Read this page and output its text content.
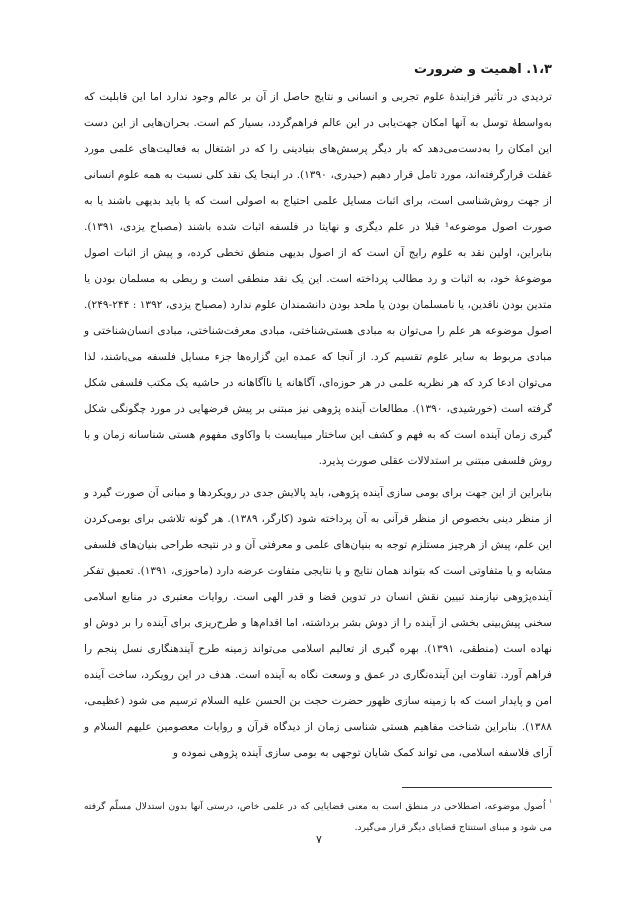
۱،۳. اهمیت و ضرورت

تردیدی در تأثیر فزایندهٔ علوم تجربی و انسانی و نتایج حاصل از آن بر عالم وجود ندارد اما این قابلیت که به‌واسطهٔ توسل به آنها امکان جهت‌یابی در این عالم فراهم‌گردد، بسیار کم است. بحران‌هایی از این دست این امکان را به‌دست‌می‌دهد که بار دیگر پرسش‌های بنیادینی را که در اشتغال به فعالیت‌های علمی مورد غفلت قرارگرفته‌اند، مورد تامل قرار دهیم (حیدری، ۱۳۹۰). در اینجا یک نقد کلی نسبت به همه علوم انسانی از جهت روش‌شناسی است، برای اثبات مسایل علمی احتیاج به اصولی است که یا باید بدیهی باشند یا به صورت اصول موضوعه¹ قبلا در علم دیگری و نهایتا در فلسفه اثبات شده باشند (مصباح یزدی، ۱۳۹۱). بنابراین، اولین نقد به علوم رایج آن است که از اصول بدیهی منطق تخطی کرده، و پیش از اثبات اصول موضوعهٔ خود، به اثبات و رد مطالب پرداخته است. این یک نقد منطقی است و ربطی به مسلمان بودن یا متدین بودن ناقدین، یا نامسلمان بودن یا ملحد بودن دانشمندان علوم ندارد (مصباح یزدی، ۱۳۹۲ : ۲۴۴-۲۴۹). اصول موضوعه هر علم را می‌توان به مبادی هستی‌شناختی، مبادی معرفت‌شناختی، مبادی انسان‌شناختی و مبادی مربوط به سایر علوم تقسیم کرد. از آنجا که عمده این گزاره‌ها جزء مسایل فلسفه می‌باشند، لذا می‌توان ادعا کرد که هر نظریه علمی در هر حوزه‌ای، آگاهانه یا ناآگاهانه در حاشیه یک مکتب فلسفی شکل گرفته است (خورشیدی، ۱۳۹۰). مطالعات آینده پژوهی نیز مبتنی بر پیش فرضهایی در مورد چگونگی شکل گیری زمان آینده است که به فهم و کشف این ساختار میبایست با واکاوی مفهوم هستی شناسانه زمان و با روش فلسفی مبتنی بر استدلالات عقلی صورت پذیرد.

بنابراین از این جهت برای بومی سازی آینده پژوهی، باید پالایش جدی در رویکردها و مبانی آن صورت گیرد و از منظر دینی بخصوص از منظر قرآنی به آن پرداخته شود (کارگر، ۱۳۸۹). هر گونه تلاشی برای بومی‌کردن این علم، پیش از هرچیز مستلزم توجه به بنیان‌های علمی و معرفتی آن و در نتیجه طراحی بنیان‌های فلسفی مشابه و یا متفاوتی است که بتواند همان نتایج و یا نتایجی متفاوت عرضه دارد (ماحوزی، ۱۳۹۱). تعمیق تفکر آینده‌پژوهی نیازمند تبیین نقش انسان در تدوین قضا و قدر الهی است. روایات معتبری در منابع اسلامی سخنی پیش‌بینی بخشی از آینده را از دوش بشر برداشته، اما اقدام‌ها و طرح‌ریزی برای آینده را بر دوش او نهاده است (منطقی، ۱۳۹۱). بهره گیری از تعالیم اسلامی می‌تواند زمینه طرح آیندهنگاری نسل پنجم را فراهم آورد. تفاوت این آینده‌نگاری در عمق و وسعت نگاه به آینده است. هدف در این رویکرد، ساخت آینده امن و پایدار است که با زمینه سازی ظهور حضرت حجت بن الحسن علیه السلام ترسیم می شود (عظیمی، ۱۳۸۸). بنابراین شناخت مفاهیم هستی شناسی زمان از دیدگاه قرآن و روایات معصومین علیهم السلام و آرای فلاسفه اسلامی، می تواند کمک شایان توجهی به بومی سازی آینده پژوهی نموده و

$^{^1}$ اُصول موضوعه، اصطلاحی در منطق است به معنی قضایایی که در علمی خاص، درستی آنها بدون استدلال مسلّم گرفته می شود و مبنای استنتاج قضایای دیگر قرار می‌گیرد.
۷
